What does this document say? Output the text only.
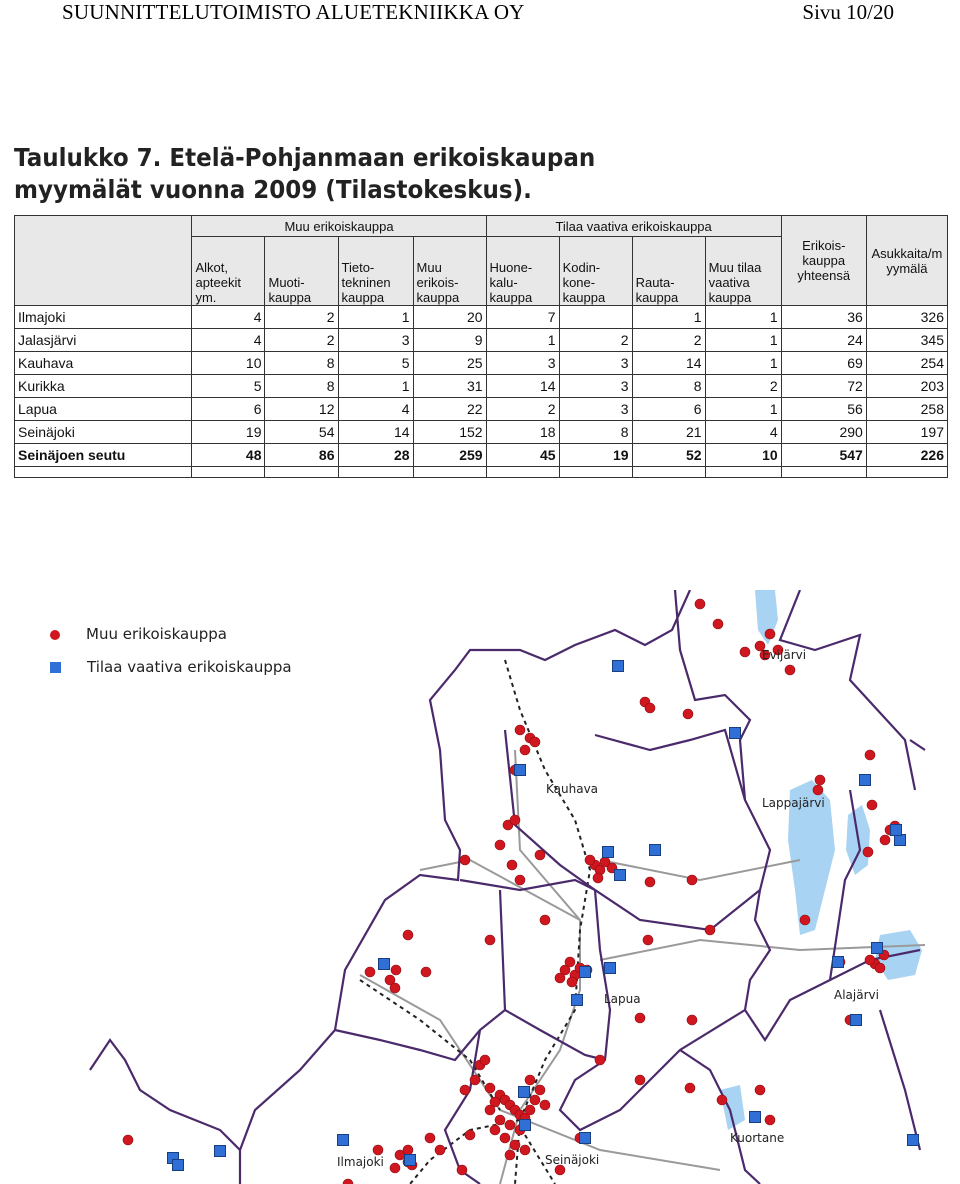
SUUNNITTELUTOIMISTO ALUETEKNIIKKA OY	Sivu 10/20
Taulukko 7. Etelä-Pohjanmaan erikoiskaupan myymälät vuonna 2009 (Tilastokeskus).
	Muu erikoiskauppa				Tilaa vaativa erikoiskauppa				Erikois-kauppa yhteensä	Asukkaita/m yymälä
	Alkot, apteekit ym.	Muoti-kauppa	Tieto-tekninen kauppa	Muu erikois-kauppa	Huone-kalu-kauppa	Kodin-kone-kauppa	Rauta-kauppa	Muu tilaa vaativa kauppa		
Ilmajoki	4	2	1	20	7		1	1	36	326
Jalasjärvi	4	2	3	9	1	2	2	1	24	345
Kauhava	10	8	5	25	3	3	14	1	69	254
Kurikka	5	8	1	31	14	3	8	2	72	203
Lapua	6	12	4	22	2	3	6	1	56	258
Seinäjoki	19	54	14	152	18	8	21	4	290	197
Seinäjoen seutu	48	86	28	259	45	19	52	10	547	226

Muu erikoiskauppa
Tilaa vaativa erikoiskauppa
Evijärvi
Kauhava
Lappajärvi
Lapua	Alajärvi
Kuortane
Ilmajoki	Seinäjoki
